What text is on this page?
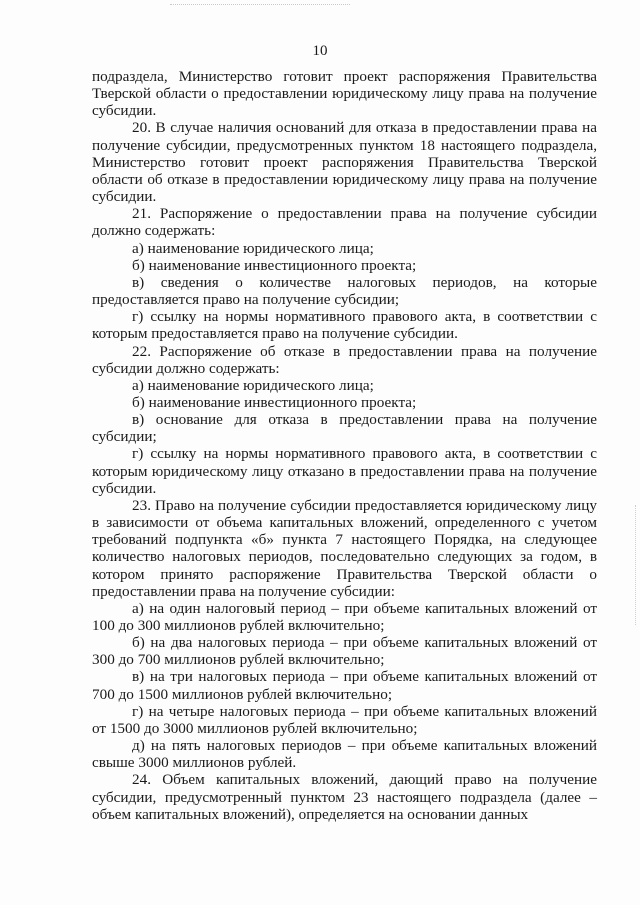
10

подраздела, Министерство готовит проект распоряжения Правительства Тверской области о предоставлении юридическому лицу права на получение субсидии.

20. В случае наличия оснований для отказа в предоставлении права на получение субсидии, предусмотренных пунктом 18 настоящего подраздела, Министерство готовит проект распоряжения Правительства Тверской области об отказе в предоставлении юридическому лицу права на получение субсидии.

21. Распоряжение о предоставлении права на получение субсидии должно содержать:

а) наименование юридического лица;

б) наименование инвестиционного проекта;

в) сведения о количестве налоговых периодов, на которые предоставляется право на получение субсидии;

г) ссылку на нормы нормативного правового акта, в соответствии с которым предоставляется право на получение субсидии.

22. Распоряжение об отказе в предоставлении права на получение субсидии должно содержать:

а) наименование юридического лица;

б) наименование инвестиционного проекта;

в) основание для отказа в предоставлении права на получение субсидии;

г) ссылку на нормы нормативного правового акта, в соответствии с которым юридическому лицу отказано в предоставлении права на получение субсидии.

23. Право на получение субсидии предоставляется юридическому лицу в зависимости от объема капитальных вложений, определенного с учетом требований подпункта «б» пункта 7 настоящего Порядка, на следующее количество налоговых периодов, последовательно следующих за годом, в котором принято распоряжение Правительства Тверской области о предоставлении права на получение субсидии:

а) на один налоговый период – при объеме капитальных вложений от 100 до 300 миллионов рублей включительно;

б) на два налоговых периода – при объеме капитальных вложений от 300 до 700 миллионов рублей включительно;

в) на три налоговых периода – при объеме капитальных вложений от 700 до 1500 миллионов рублей включительно;

г) на четыре налоговых периода – при объеме капитальных вложений от 1500 до 3000 миллионов рублей включительно;

д) на пять налоговых периодов – при объеме капитальных вложений свыше 3000 миллионов рублей.

24. Объем капитальных вложений, дающий право на получение субсидии, предусмотренный пунктом 23 настоящего подраздела (далее – объем капитальных вложений), определяется на основании данных
